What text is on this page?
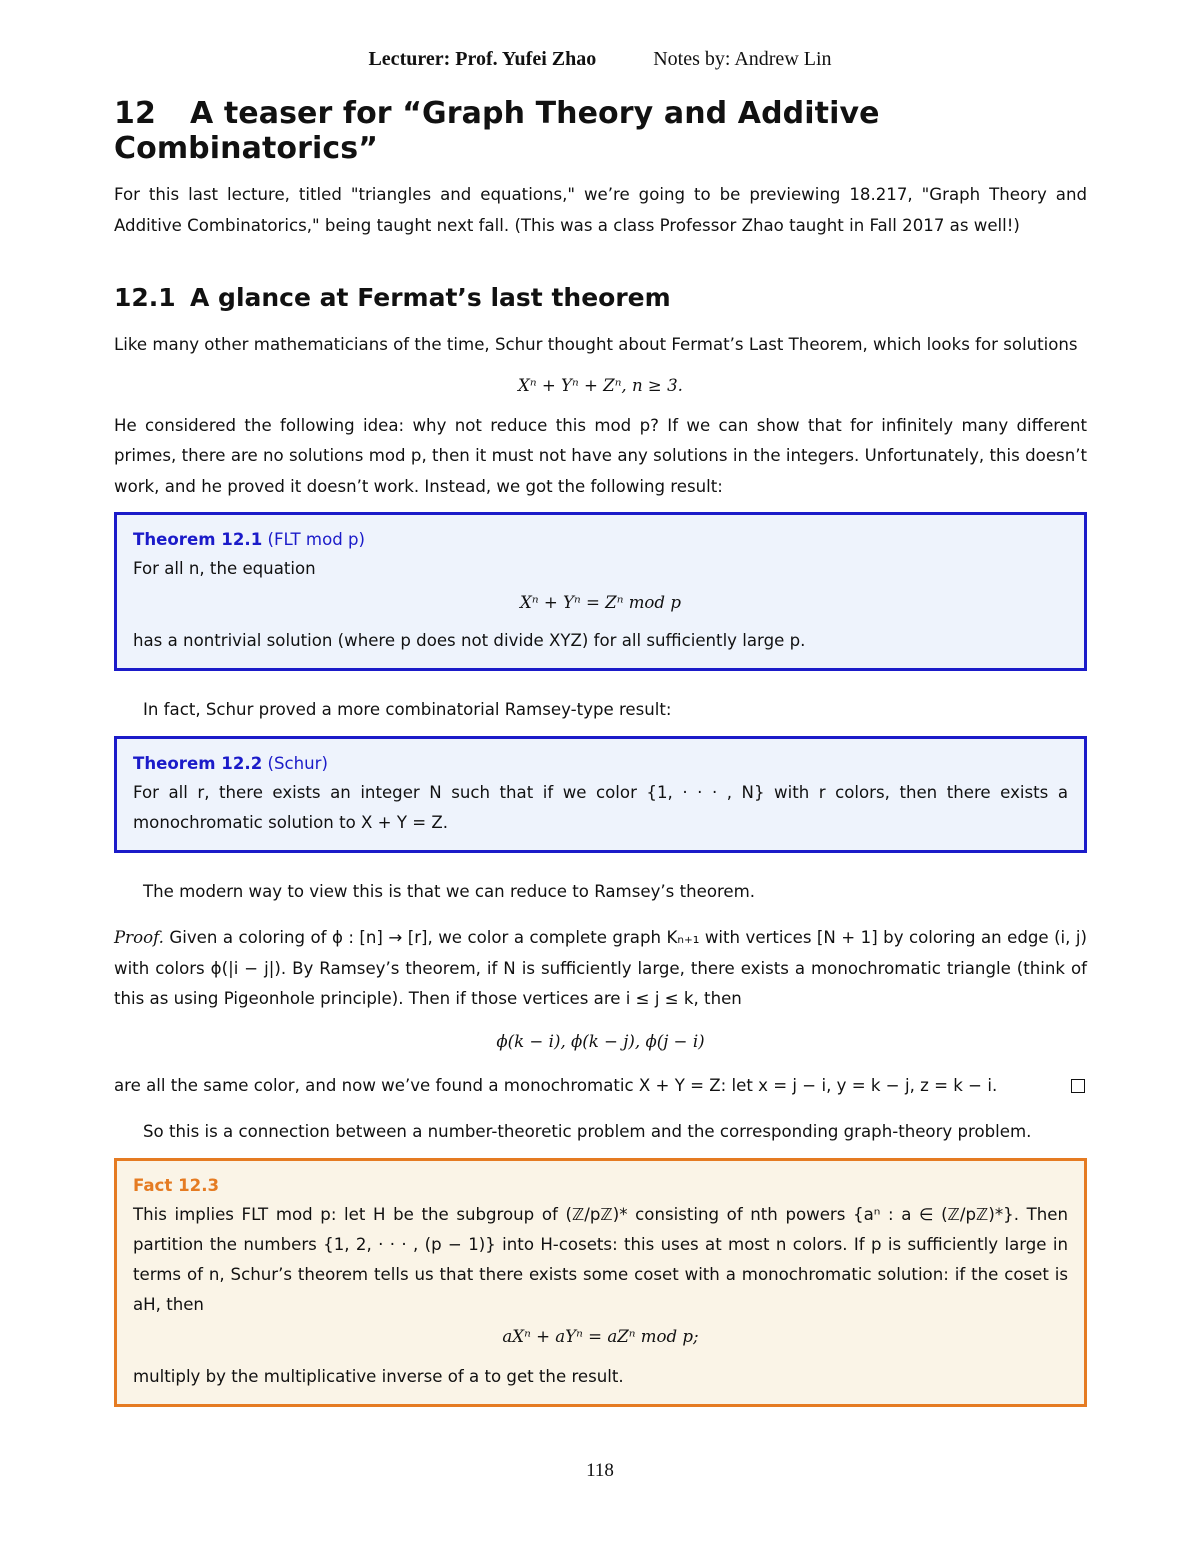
Lecturer: Prof. Yufei Zhao	Notes by: Andrew Lin
12 A teaser for “Graph Theory and Additive Combinatorics”

For this last lecture, titled "triangles and equations," we’re going to be previewing 18.217, "Graph Theory and Additive Combinatorics," being taught next fall. (This was a class Professor Zhao taught in Fall 2017 as well!)

12.1 A glance at Fermat’s last theorem

Like many other mathematicians of the time, Schur thought about Fermat’s Last Theorem, which looks for solutions

Xⁿ + Yⁿ + Zⁿ, n ≥ 3.

He considered the following idea: why not reduce this mod p? If we can show that for infinitely many different primes, there are no solutions mod p, then it must not have any solutions in the integers. Unfortunately, this doesn’t work, and he proved it doesn’t work. Instead, we got the following result:

Theorem 12.1 (FLT mod p)

For all n, the equation

Xⁿ + Yⁿ = Zⁿ mod p

has a nontrivial solution (where p does not divide XYZ) for all sufficiently large p.

In fact, Schur proved a more combinatorial Ramsey-type result:

Theorem 12.2 (Schur)

For all r, there exists an integer N such that if we color {1, · · · , N} with r colors, then there exists a monochromatic solution to X + Y = Z.

The modern way to view this is that we can reduce to Ramsey’s theorem.

Proof. Given a coloring of ϕ : [n] → [r], we color a complete graph Kₙ₊₁ with vertices [N + 1] by coloring an edge (i, j) with colors ϕ(|i − j|). By Ramsey’s theorem, if N is sufficiently large, there exists a monochromatic triangle (think of this as using Pigeonhole principle). Then if those vertices are i ≤ j ≤ k, then

ϕ(k − i), ϕ(k − j), ϕ(j − i)

are all the same color, and now we’ve found a monochromatic X + Y = Z: let x = j − i, y = k − j, z = k − i.

So this is a connection between a number-theoretic problem and the corresponding graph-theory problem.

Fact 12.3

This implies FLT mod p: let H be the subgroup of (ℤ/pℤ)* consisting of nth powers {aⁿ : a ∈ (ℤ/pℤ)*}. Then partition the numbers {1, 2, · · · , (p − 1)} into H-cosets: this uses at most n colors. If p is sufficiently large in terms of n, Schur’s theorem tells us that there exists some coset with a monochromatic solution: if the coset is aH, then

aXⁿ + aYⁿ = aZⁿ mod p;

multiply by the multiplicative inverse of a to get the result.

118
